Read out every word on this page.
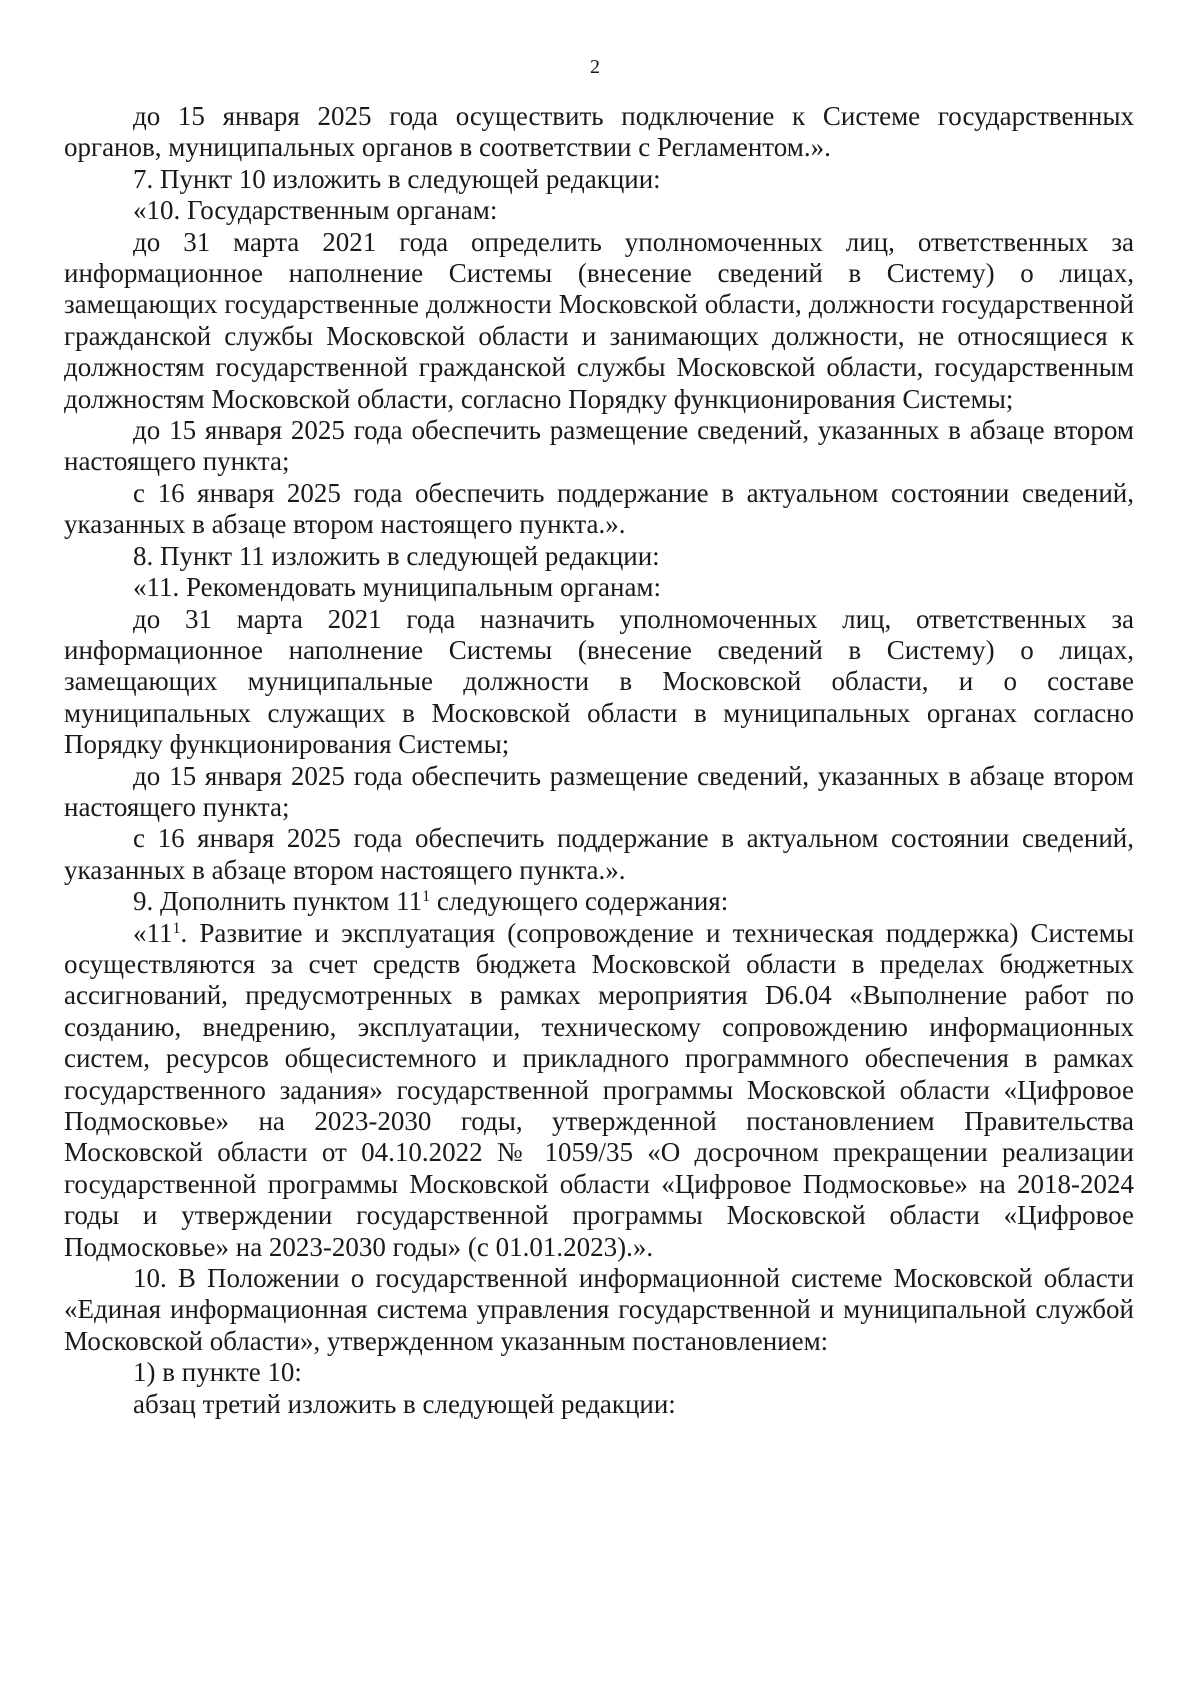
2

до 15 января 2025 года осуществить подключение к Системе государственных органов, муниципальных органов в соответствии с Регламентом.».

7. Пункт 10 изложить в следующей редакции:

«10. Государственным органам:

до 31 марта 2021 года определить уполномоченных лиц, ответственных за информационное наполнение Системы (внесение сведений в Систему) о лицах, замещающих государственные должности Московской области, должности государственной гражданской службы Московской области и занимающих должности, не относящиеся к должностям государственной гражданской службы Московской области, государственным должностям Московской области, согласно Порядку функционирования Системы;

до 15 января 2025 года обеспечить размещение сведений, указанных в абзаце втором настоящего пункта;

с 16 января 2025 года обеспечить поддержание в актуальном состоянии сведений, указанных в абзаце втором настоящего пункта.».

8. Пункт 11 изложить в следующей редакции:

«11. Рекомендовать муниципальным органам:

до 31 марта 2021 года назначить уполномоченных лиц, ответственных за информационное наполнение Системы (внесение сведений в Систему) о лицах, замещающих муниципальные должности в Московской области, и о составе муниципальных служащих в Московской области в муниципальных органах согласно Порядку функционирования Системы;

до 15 января 2025 года обеспечить размещение сведений, указанных в абзаце втором настоящего пункта;

с 16 января 2025 года обеспечить поддержание в актуальном состоянии сведений, указанных в абзаце втором настоящего пункта.».

9. Дополнить пунктом $11^1$ следующего содержания:

«$11^1$. Развитие и эксплуатация (сопровождение и техническая поддержка) Системы осуществляются за счет средств бюджета Московской области в пределах бюджетных ассигнований, предусмотренных в рамках мероприятия D6.04 «Выполнение работ по созданию, внедрению, эксплуатации, техническому сопровождению информационных систем, ресурсов общесистемного и прикладного программного обеспечения в рамках государственного задания» государственной программы Московской области «Цифровое Подмосковье» на 2023-2030 годы, утвержденной постановлением Правительства Московской области от 04.10.2022 № 1059/35 «О досрочном прекращении реализации государственной программы Московской области «Цифровое Подмосковье» на 2018-2024 годы и утверждении государственной программы Московской области «Цифровое Подмосковье» на 2023-2030 годы» (с 01.01.2023).».

10. В Положении о государственной информационной системе Московской области «Единая информационная система управления государственной и муниципальной службой Московской области», утвержденном указанным постановлением:

1) в пункте 10:

абзац третий изложить в следующей редакции:
